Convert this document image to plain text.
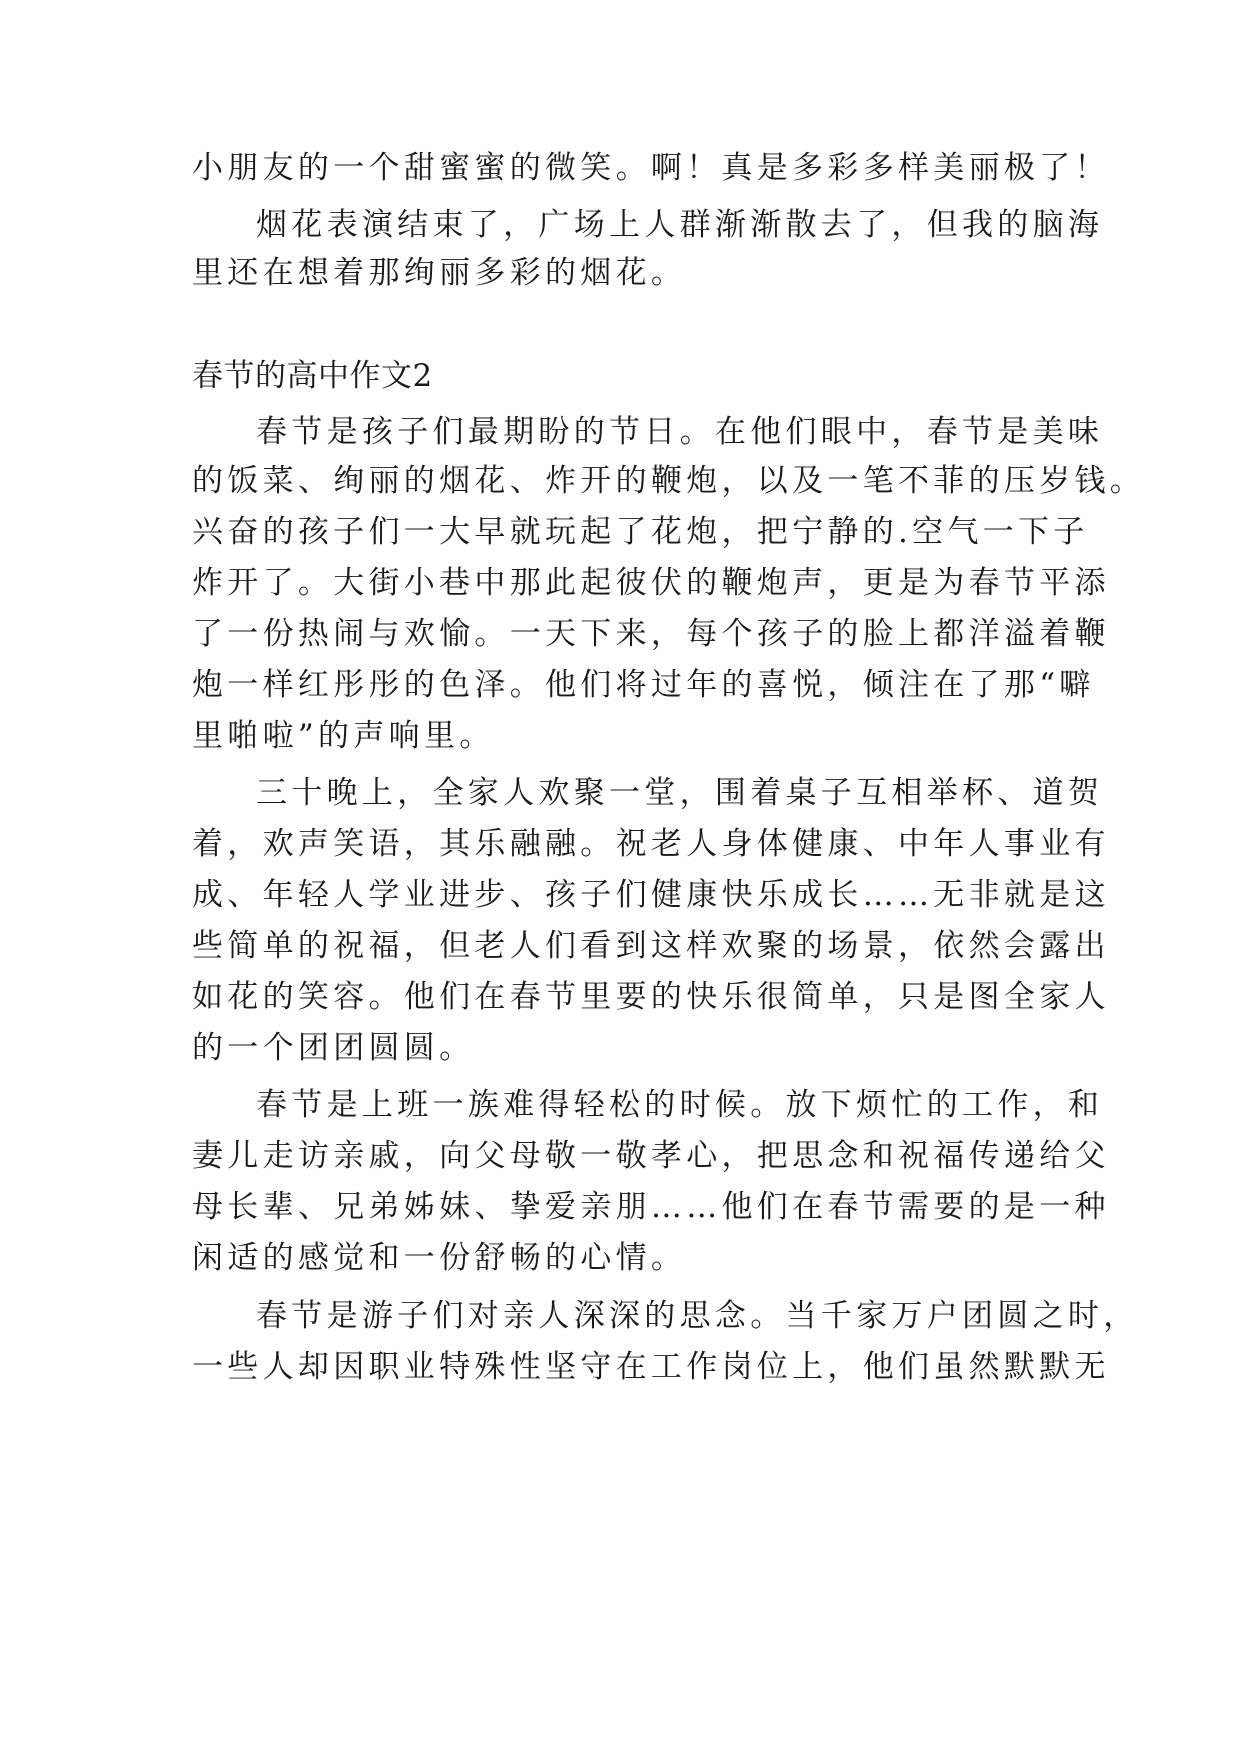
小朋友的一个甜蜜蜜的微笑。啊！真是多彩多样美丽极了！
烟花表演结束了，广场上人群渐渐散去了，但我的脑海
里还在想着那绚丽多彩的烟花。
春节的高中作文2
春节是孩子们最期盼的节日。在他们眼中，春节是美味
的饭菜、绚丽的烟花、炸开的鞭炮，以及一笔不菲的压岁钱。
兴奋的孩子们一大早就玩起了花炮，把宁静的.空气一下子
炸开了。大街小巷中那此起彼伏的鞭炮声，更是为春节平添
了一份热闹与欢愉。一天下来，每个孩子的脸上都洋溢着鞭
炮一样红彤彤的色泽。他们将过年的喜悦，倾注在了那“噼
里啪啦”的声响里。
三十晚上，全家人欢聚一堂，围着桌子互相举杯、道贺
着，欢声笑语，其乐融融。祝老人身体健康、中年人事业有
成、年轻人学业进步、孩子们健康快乐成长……无非就是这
些简单的祝福，但老人们看到这样欢聚的场景，依然会露出
如花的笑容。他们在春节里要的快乐很简单，只是图全家人
的一个团团圆圆。
春节是上班一族难得轻松的时候。放下烦忙的工作，和
妻儿走访亲戚，向父母敬一敬孝心，把思念和祝福传递给父
母长辈、兄弟姊妹、挚爱亲朋……他们在春节需要的是一种
闲适的感觉和一份舒畅的心情。
春节是游子们对亲人深深的思念。当千家万户团圆之时，
一些人却因职业特殊性坚守在工作岗位上，他们虽然默默无
